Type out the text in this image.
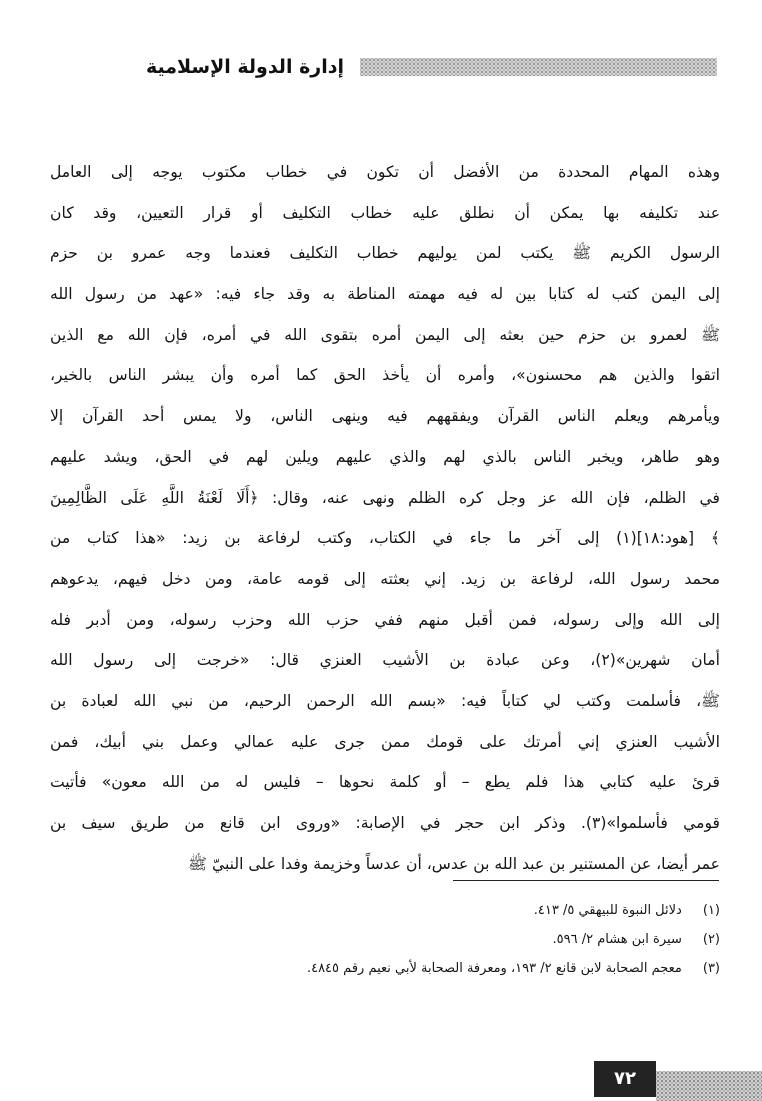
إدارة الدولة الإسلامية
وهذه المهام المحددة من الأفضل أن تكون في خطاب مكتوب يوجه إلى العامل
عند تكليفه بها يمكن أن نطلق عليه خطاب التكليف أو قرار التعيين، وقد كان
الرسول الكريم ﷺ يكتب لمن يوليهم خطاب التكليف فعندما وجه عمرو بن حزم
إلى اليمن كتب له كتابا بين له فيه مهمته المناطة به وقد جاء فيه: «عهد من رسول الله
ﷺ لعمرو بن حزم حين بعثه إلى اليمن أمره بتقوى الله في أمره، فإن الله مع الذين
اتقوا والذين هم محسنون»، وأمره أن يأخذ الحق كما أمره وأن يبشر الناس بالخير،
ويأمرهم ويعلم الناس القرآن ويفقههم فيه وينهى الناس، ولا يمس أحد القرآن إلا
وهو طاهر، ويخبر الناس بالذي لهم والذي عليهم ويلين لهم في الحق، ويشد عليهم
في الظلم، فإن الله عز وجل كره الظلم ونهى عنه، وقال: ﴿أَلَا لَعْنَةُ اللَّهِ عَلَى الظَّالِمِينَ
﴾ [هود:١٨](١) إلى آخر ما جاء في الكتاب، وكتب لرفاعة بن زيد: «هذا كتاب من
محمد رسول الله، لرفاعة بن زيد. إني بعثته إلى قومه عامة، ومن دخل فيهم، يدعوهم
إلى الله وإلى رسوله، فمن أقبل منهم ففي حزب الله وحزب رسوله، ومن أدبر فله
أمان شهرين»(٢)، وعن عبادة بن الأشيب العنزي قال: «خرجت إلى رسول الله
ﷺ، فأسلمت وكتب لي كتاباً فيه: «بسم الله الرحمن الرحيم، من نبي الله لعبادة بن
الأشيب العنزي إني أمرتك على قومك ممن جرى عليه عمالي وعمل بني أبيك، فمن
قرئ عليه كتابي هذا فلم يطع – أو كلمة نحوها – فليس له من الله معون» فأتيت
قومي فأسلموا»(٣). وذكر ابن حجر في الإصابة: «وروى ابن قانع من طريق سيف بن
عمر أيضا، عن المستنير بن عبد الله بن عدس، أن عدساً وخزيمة وفدا على النبيّ ﷺ
(١) دلائل النبوة للبيهقي ٥/ ٤١٣.
(٢) سيرة ابن هشام ٢/ ٥٩٦.
(٣) معجم الصحابة لابن قانع ٢/ ١٩٣، ومعرفة الصحابة لأبي نعيم رقم ٤٨٤٥.
٧٢
